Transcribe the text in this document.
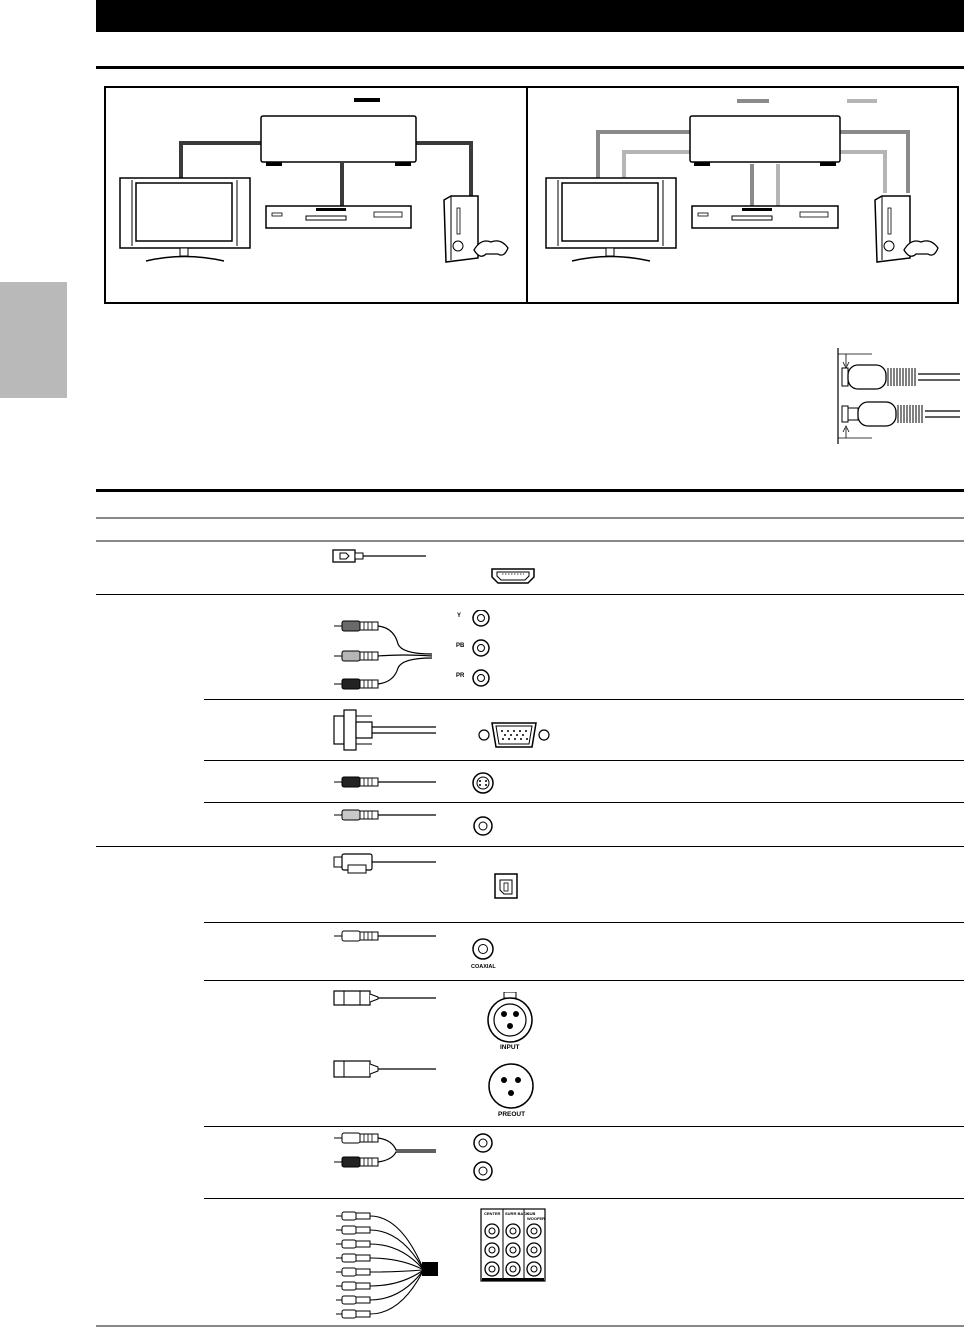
Y
PB
PR
COAXIAL
INPUT
PREOUT
CENTER SURR BACK
SUB WOOFER
